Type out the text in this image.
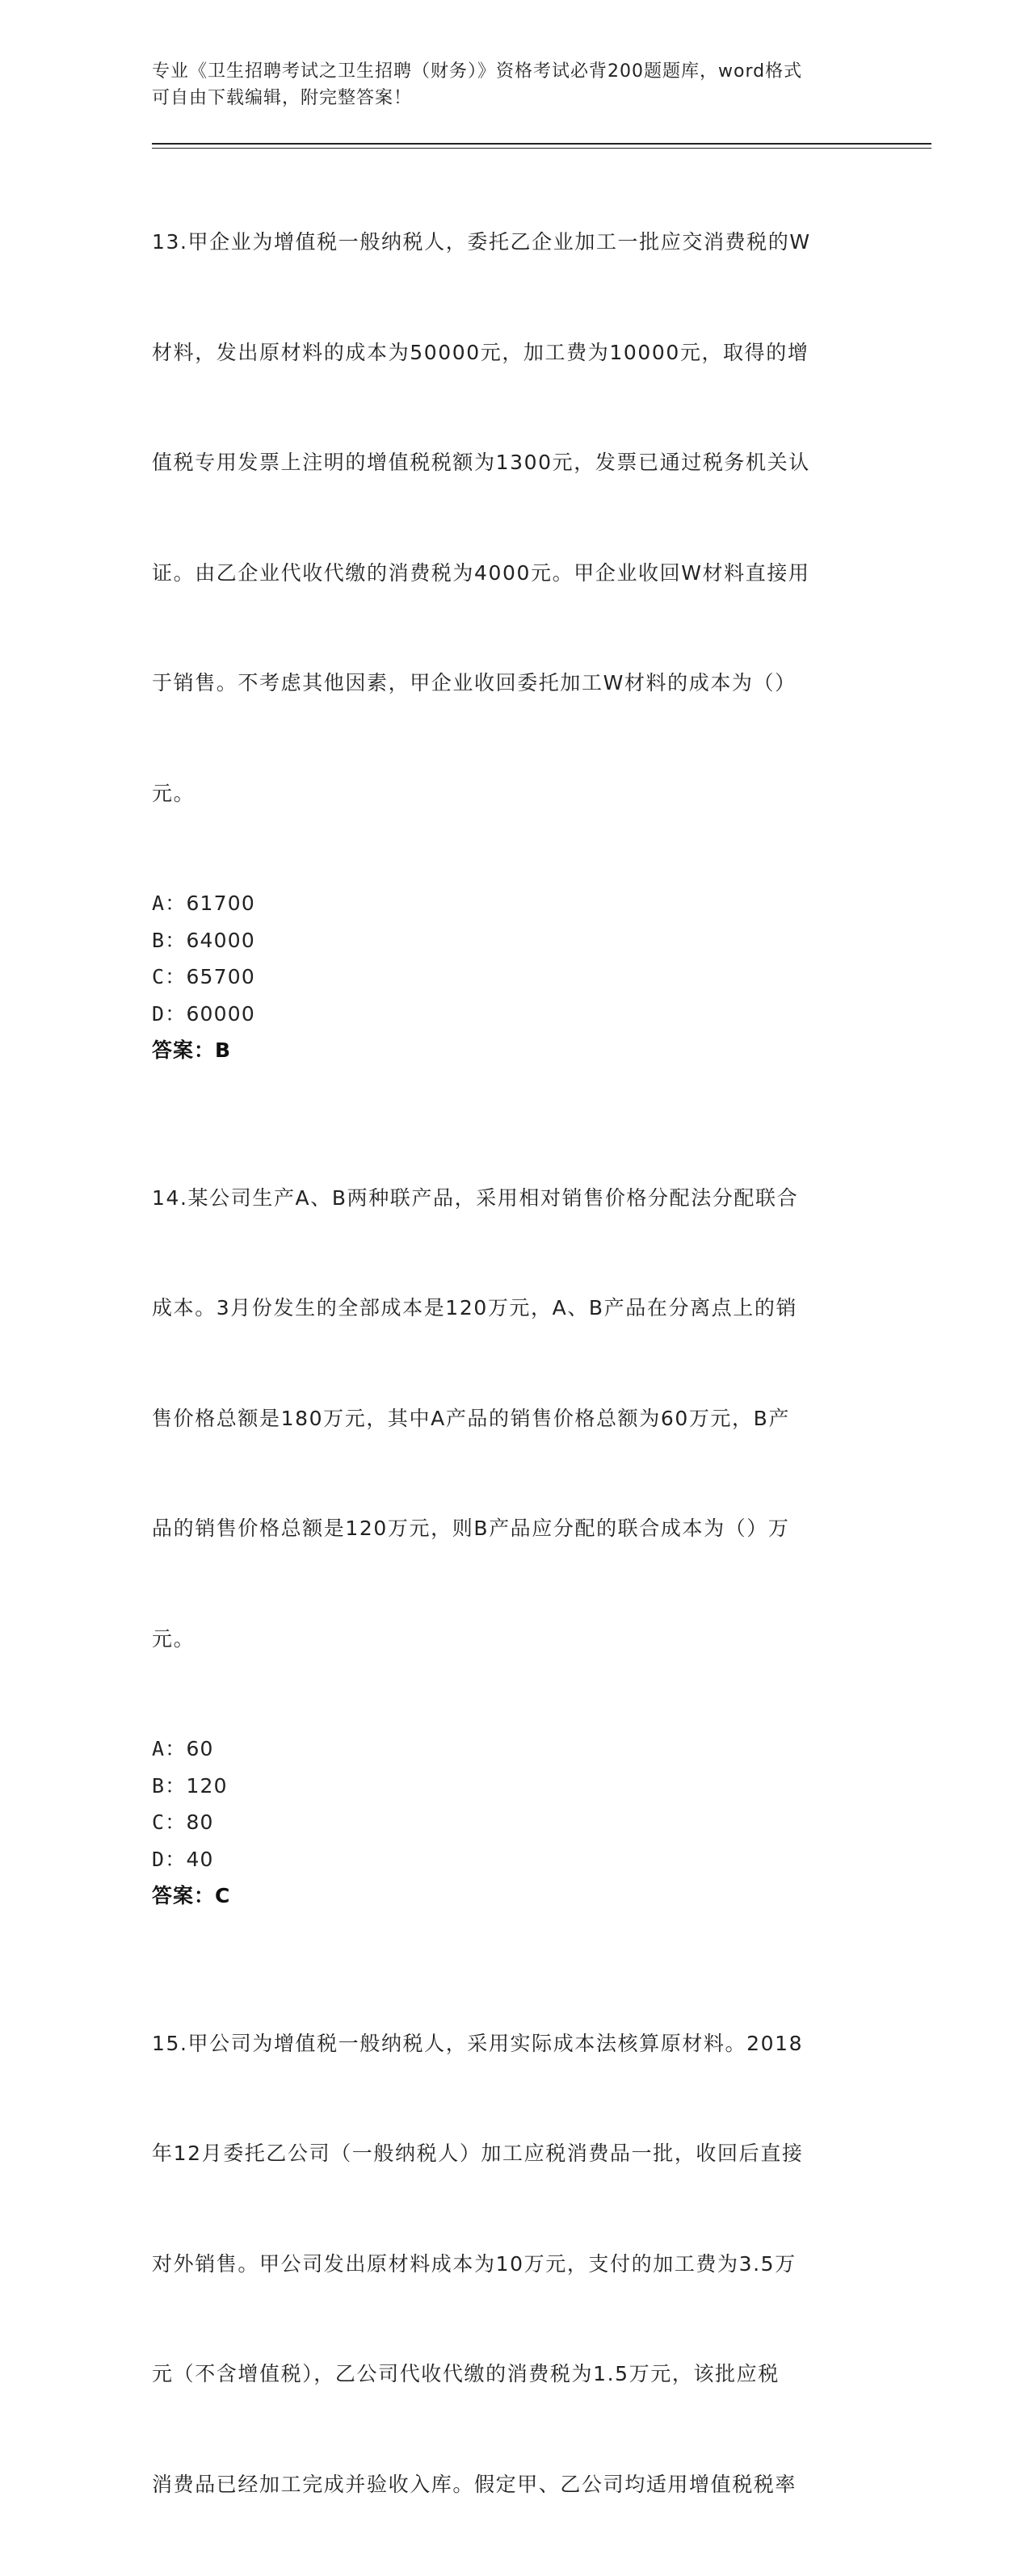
专业《卫生招聘考试之卫生招聘（财务）》资格考试必背200题题库，word格式
可自由下载编辑，附完整答案！

13.甲企业为增值税一般纳税人，委托乙企业加工一批应交消费税的W

材料，发出原材料的成本为50000元，加工费为10000元，取得的增

值税专用发票上注明的增值税税额为1300元，发票已通过税务机关认

证。由乙企业代收代缴的消费税为4000元。甲企业收回W材料直接用

于销售。不考虑其他因素，甲企业收回委托加工W材料的成本为（）

元。

A：61700
B：64000
C：65700
D：60000
答案：B

14.某公司生产A、B两种联产品，采用相对销售价格分配法分配联合

成本。3月份发生的全部成本是120万元，A、B产品在分离点上的销

售价格总额是180万元，其中A产品的销售价格总额为60万元，B产

品的销售价格总额是120万元，则B产品应分配的联合成本为（）万

元。

A：60
B：120
C：80
D：40
答案：C

15.甲公司为增值税一般纳税人，采用实际成本法核算原材料。2018

年12月委托乙公司（一般纳税人）加工应税消费品一批，收回后直接

对外销售。甲公司发出原材料成本为10万元，支付的加工费为3.5万

元（不含增值税），乙公司代收代缴的消费税为1.5万元，该批应税

消费品已经加工完成并验收入库。假定甲、乙公司均适用增值税税率
